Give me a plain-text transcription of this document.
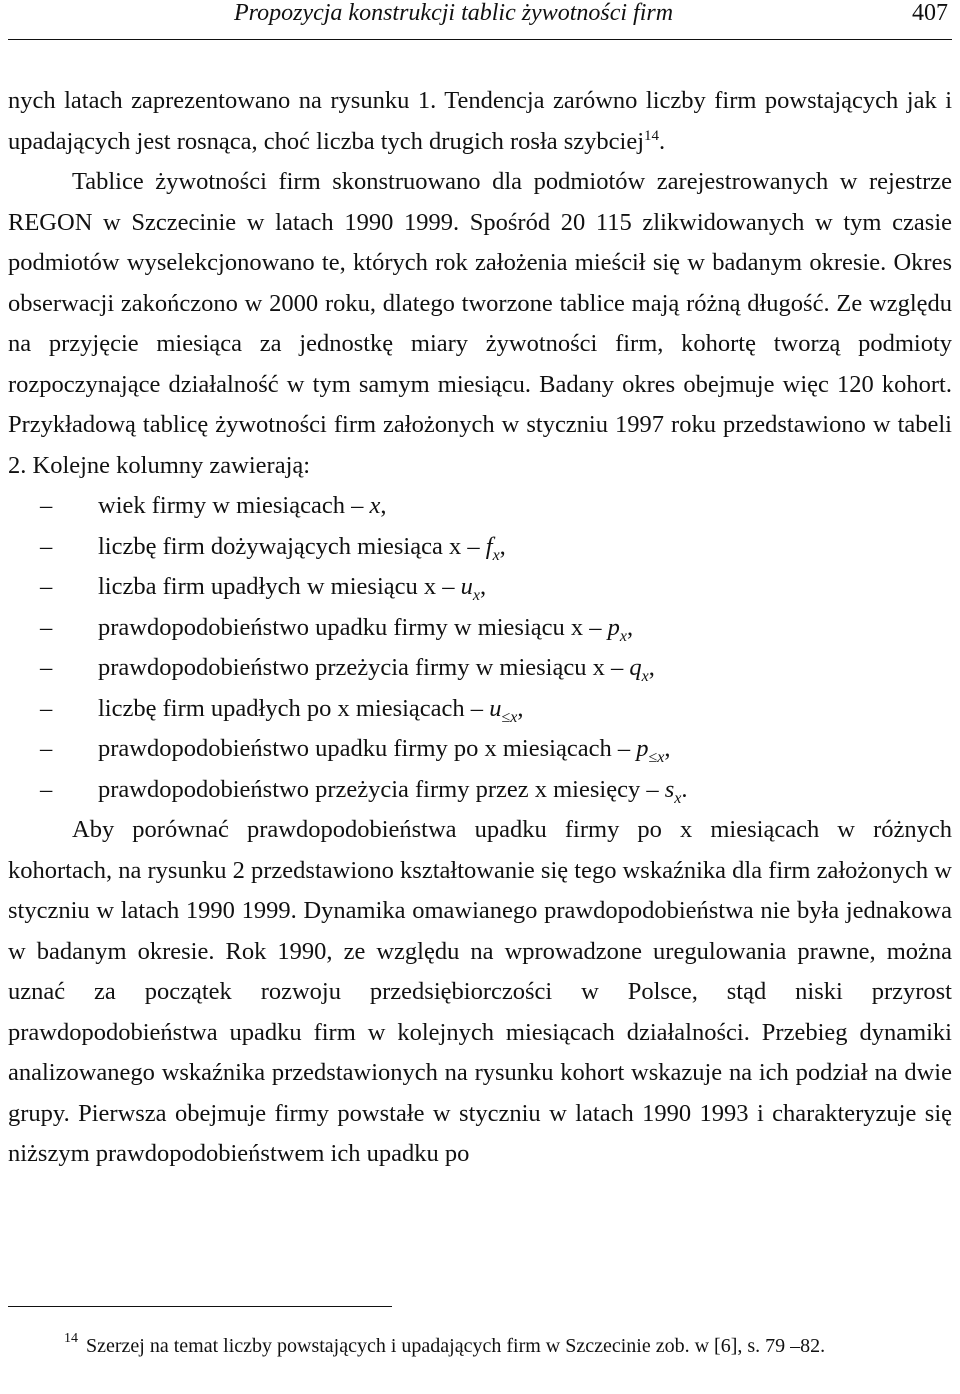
Propozycja konstrukcji tablic żywotności firm	407

nych latach zaprezentowano na rysunku 1. Tendencja zarówno liczby firm powstających jak i upadających jest rosnąca, choć liczba tych drugich rosła szybciej$^{14}$.

Tablice żywotności firm skonstruowano dla podmiotów zarejestrowanych w rejestrze REGON w Szczecinie w latach 1990 1999. Spośród 20 115 zlikwidowanych w tym czasie podmiotów wyselekcjonowano te, których rok założenia mieścił się w badanym okresie. Okres obserwacji zakończono w 2000 roku, dlatego tworzone tablice mają różną długość. Ze względu na przyjęcie miesiąca za jednostkę miary żywotności firm, kohortę tworzą podmioty rozpoczynające działalność w tym samym miesiącu. Badany okres obejmuje więc 120 kohort. Przykładową tablicę żywotności firm założonych w styczniu 1997 roku przedstawiono w tabeli 2. Kolejne kolumny zawierają:

– wiek firmy w miesiącach – x,
– liczbę firm dożywających miesiąca x – $f_x$,
– liczba firm upadłych w miesiącu x – $u_x$,
– prawdopodobieństwo upadku firmy w miesiącu x – $p_x$,
– prawdopodobieństwo przeżycia firmy w miesiącu x – $q_x$,
– liczbę firm upadłych po x miesiącach – $u_{\le x}$,
– prawdopodobieństwo upadku firmy po x miesiącach – $p_{\le x}$,
– prawdopodobieństwo przeżycia firmy przez x miesięcy – $s_x$.

Aby porównać prawdopodobieństwa upadku firmy po x miesiącach w różnych kohortach, na rysunku 2 przedstawiono kształtowanie się tego wskaźnika dla firm założonych w styczniu w latach 1990 1999. Dynamika omawianego prawdopodobieństwa nie była jednakowa w badanym okresie. Rok 1990, ze względu na wprowadzone uregulowania prawne, można uznać za początek rozwoju przedsiębiorczości w Polsce, stąd niski przyrost prawdopodobieństwa upadku firm w kolejnych miesiącach działalności. Przebieg dynamiki analizowanego wskaźnika przedstawionych na rysunku kohort wskazuje na ich podział na dwie grupy. Pierwsza obejmuje firmy powstałe w styczniu w latach 1990 1993 i charakteryzuje się niższym prawdopodobieństwem ich upadku po

$^{14}$ Szerzej na temat liczby powstających i upadających firm w Szczecinie zob. w [6], s. 79 –82.
